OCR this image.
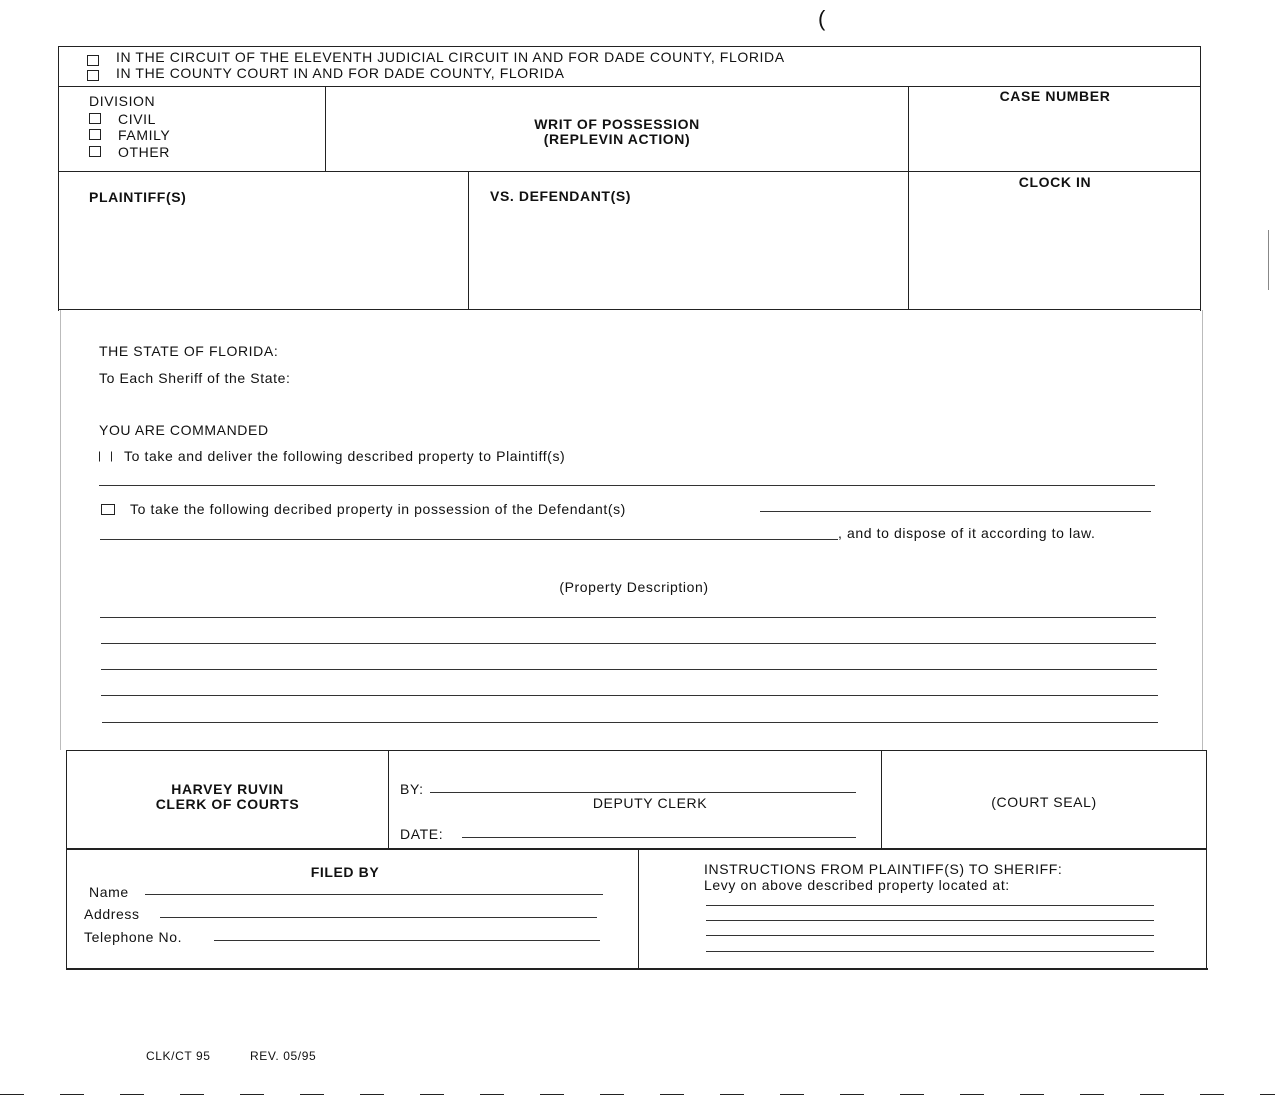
(
IN THE CIRCUIT OF THE ELEVENTH JUDICIAL CIRCUIT IN AND FOR DADE COUNTY, FLORIDA
IN THE COUNTY COURT IN AND FOR DADE COUNTY, FLORIDA
DIVISION
CIVIL
FAMILY
OTHER
WRIT OF POSSESSION
(REPLEVIN ACTION)
CASE NUMBER
PLAINTIFF(S)	VS. DEFENDANT(S)
CLOCK IN
THE STATE OF FLORIDA:
To Each Sheriff of the State:
YOU ARE COMMANDED
To take and deliver the following described property to Plaintiff(s)
To take the following decribed property in possession of the Defendant(s)
, and to dispose of it according to law.
(Property Description)
HARVEY RUVIN
CLERK OF COURTS
BY:
DEPUTY CLERK
DATE:
(COURT SEAL)
FILED BY
Name
Address
Telephone No.
INSTRUCTIONS FROM PLAINTIFF(S) TO SHERIFF:
Levy on above described property located at:
CLK/CT 95	REV. 05/95
